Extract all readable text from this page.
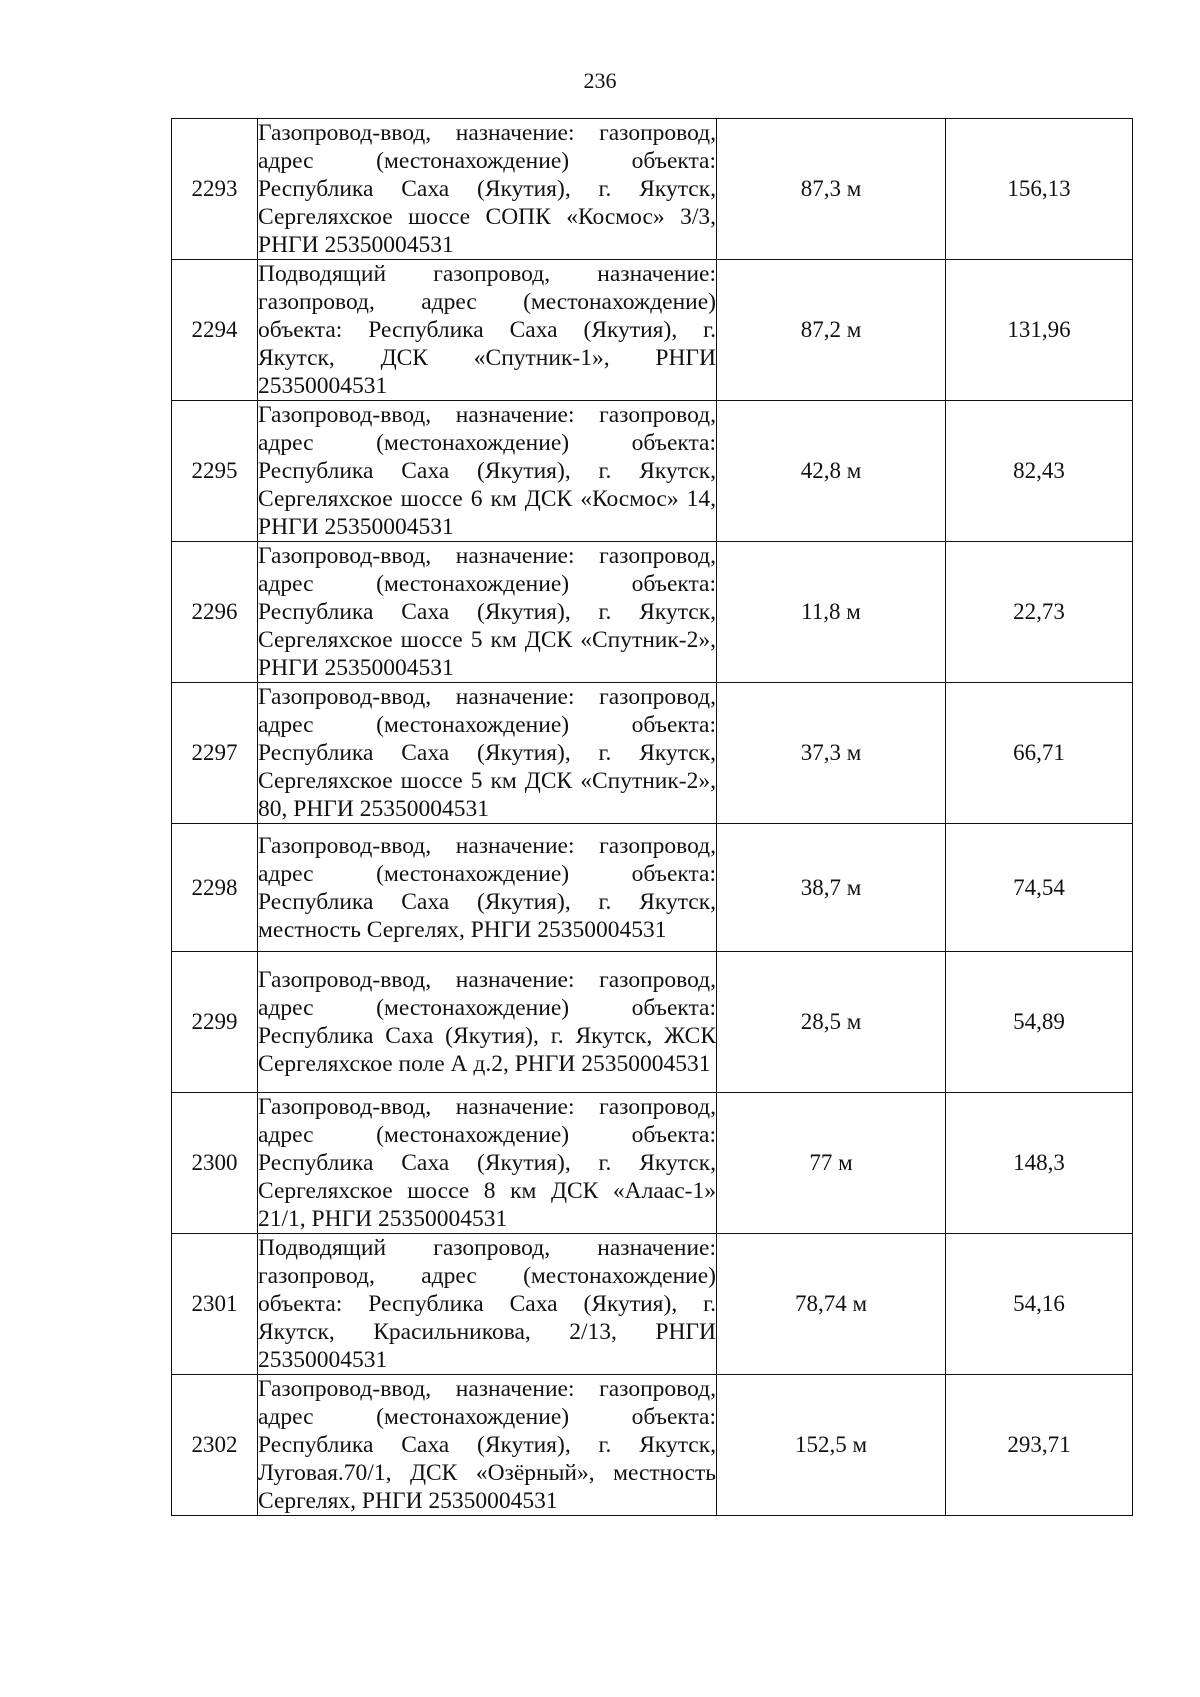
236
2293	Газопровод-ввод, назначение: газопровод, адрес (местонахождение) объекта: Республика Саха (Якутия), г. Якутск, Сергеляхское шоссе СОПК «Космос» 3/3, РНГИ 25350004531	87,3 м	156,13
2294	Подводящий газопровод, назначение: газопровод, адрес (местонахождение) объекта: Республика Саха (Якутия), г. Якутск, ДСК «Спутник-1», РНГИ 25350004531	87,2 м	131,96
2295	Газопровод-ввод, назначение: газопровод, адрес (местонахождение) объекта: Республика Саха (Якутия), г. Якутск, Сергеляхское шоссе 6 км ДСК «Космос» 14, РНГИ 25350004531	42,8 м	82,43
2296	Газопровод-ввод, назначение: газопровод, адрес (местонахождение) объекта: Республика Саха (Якутия), г. Якутск, Сергеляхское шоссе 5 км ДСК «Спутник-2», РНГИ 25350004531	11,8 м	22,73
2297	Газопровод-ввод, назначение: газопровод, адрес (местонахождение) объекта: Республика Саха (Якутия), г. Якутск, Сергеляхское шоссе 5 км ДСК «Спутник-2», 80, РНГИ 25350004531	37,3 м	66,71
2298	Газопровод-ввод, назначение: газопровод, адрес (местонахождение) объекта: Республика Саха (Якутия), г. Якутск, местность Сергелях, РНГИ 25350004531	38,7 м	74,54
2299	Газопровод-ввод, назначение: газопровод, адрес (местонахождение) объекта: Республика Саха (Якутия), г. Якутск, ЖСК Сергеляхское поле А д.2, РНГИ 25350004531	28,5 м	54,89
2300	Газопровод-ввод, назначение: газопровод, адрес (местонахождение) объекта: Республика Саха (Якутия), г. Якутск, Сергеляхское шоссе 8 км ДСК «Алаас-1» 21/1, РНГИ 25350004531	77 м	148,3
2301	Подводящий газопровод, назначение: газопровод, адрес (местонахождение) объекта: Республика Саха (Якутия), г. Якутск, Красильникова, 2/13, РНГИ 25350004531	78,74 м	54,16
2302	Газопровод-ввод, назначение: газопровод, адрес (местонахождение) объекта: Республика Саха (Якутия), г. Якутск, Луговая.70/1, ДСК «Озёрный», местность Сергелях, РНГИ 25350004531	152,5 м	293,71
